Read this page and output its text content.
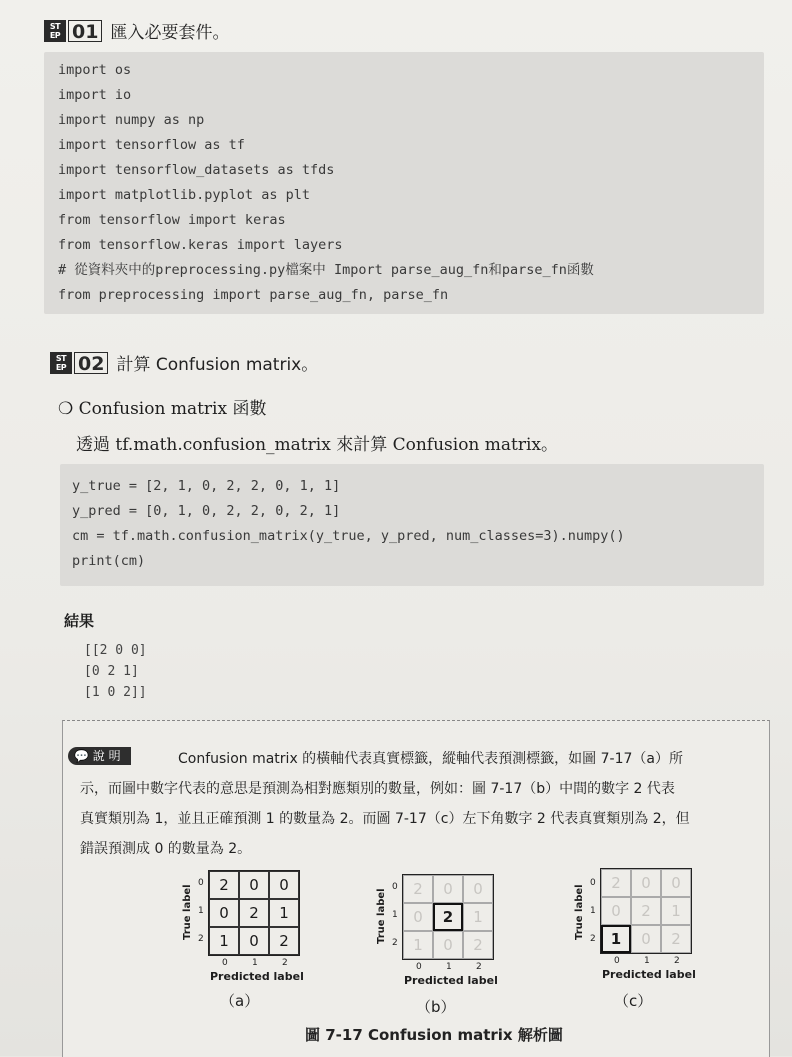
ST
EP 01 匯入必要套件。
import os
import io
import numpy as np
import tensorflow as tf
import tensorflow_datasets as tfds
import matplotlib.pyplot as plt
from tensorflow import keras
from tensorflow.keras import layers
# 從資料夾中的preprocessing.py檔案中 Import parse_aug_fn和parse_fn函數
from preprocessing import parse_aug_fn, parse_fn
ST
EP 02 計算 Confusion matrix。
❍ Confusion matrix 函數
透過 tf.math.confusion_matrix 來計算 Confusion matrix。
y_true = [2, 1, 0, 2, 2, 0, 1, 1]
y_pred = [0, 1, 0, 2, 2, 0, 2, 1]
cm = tf.math.confusion_matrix(y_true, y_pred, num_classes=3).numpy()
print(cm)
結果
[[2 0 0]
[0 2 1]
[1 0 2]]
💬 說 明	Confusion matrix 的橫軸代表真實標籤，縱軸代表預測標籤，如圖 7-17（a）所
示，而圖中數字代表的意思是預測為相對應類別的數量，例如：圖 7-17（b）中間的數字 2 代表
真實類別為 1，並且正確預測 1 的數量為 2。而圖 7-17（c）左下角數字 2 代表真實類別為 2，但
錯誤預測成 0 的數量為 2。
True label
0
1
2
2	0	0
0	2	1
1	0	2
0	1	2
Predicted label
（a）
True label
0
1
2
2	0	0
0	2	1
1	0	2
0	1	2
Predicted label
（b）
True label
0
1
2
2	0	0
0	2	1
1	0	2
0	1	2
Predicted label
（c）
圖 7-17 Confusion matrix 解析圖
